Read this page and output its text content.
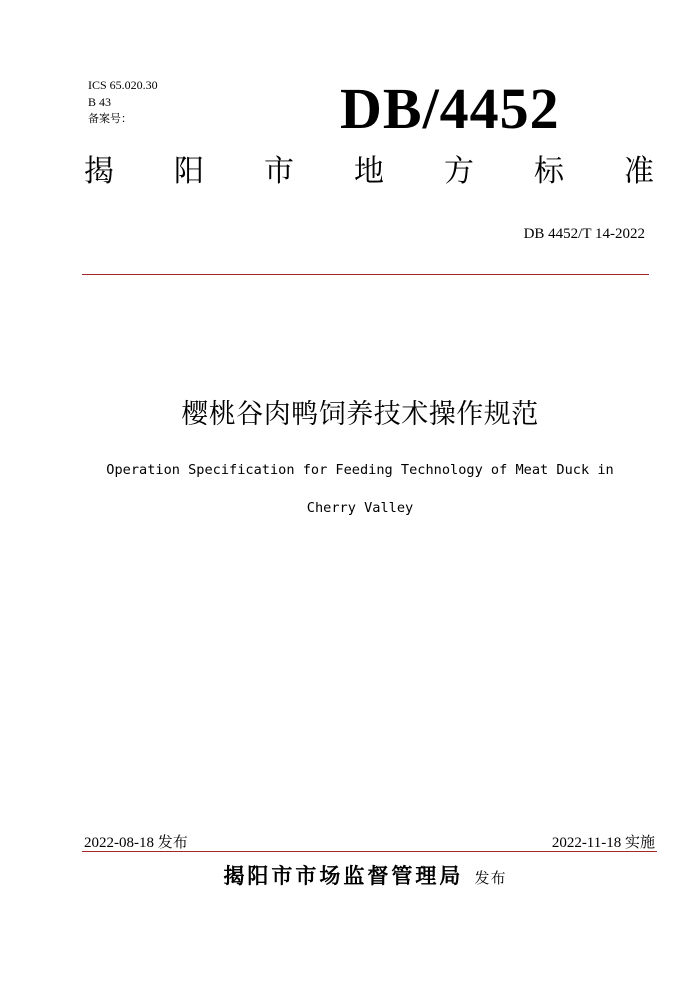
ICS 65.020.30
B 43
备案号：	DB/4452
揭 阳 市 地 方 标 准
DB 4452/T 14-2022
樱桃谷肉鸭饲养技术操作规范
Operation Specification for Feeding Technology of Meat Duck in Cherry Valley
2022-08-18 发布	2022-11-18 实施
揭阳市市场监督管理局 发布
